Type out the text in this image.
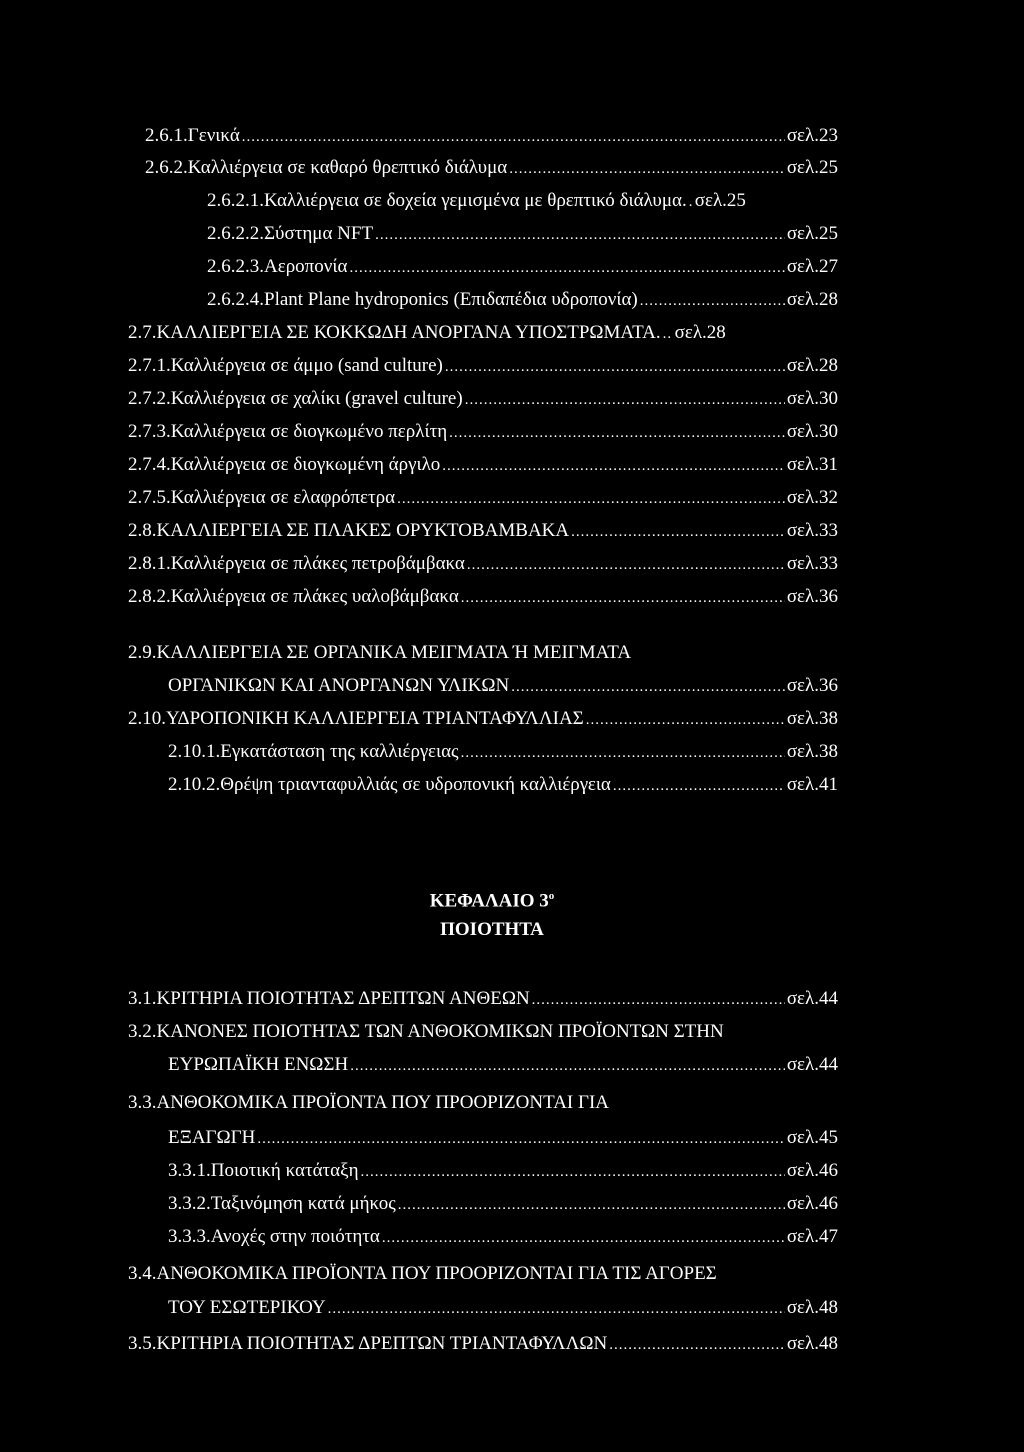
2.6.1.Γενικά .....	σελ.23
2.6.2.Καλλιέργεια σε καθαρό θρεπτικό διάλυμα .....	σελ.25
2.6.2.1.Καλλιέργεια σε δοχεία γεμισμένα με θρεπτικό διάλυμα. ..... σελ.25
2.6.2.2.Σύστημα NFT .....	σελ.25
2.6.2.3.Αεροπονία .....	σελ.27
2.6.2.4.Plant Plane hydroponics (Επιδαπέδια υδροπονία) .....	σελ.28
2.7.ΚΑΛΛΙΕΡΓΕΙΑ ΣΕ ΚΟΚΚΩΔΗ ΑΝΟΡΓΑΝΑ ΥΠΟΣΤΡΩΜΑΤΑ. ..... σελ.28
2.7.1.Καλλιέργεια σε άμμο (sand culture) .....	σελ.28
2.7.2.Καλλιέργεια σε χαλίκι (gravel culture) .....	σελ.30
2.7.3.Καλλιέργεια σε διογκωμένο περλίτη .....	σελ.30
2.7.4.Καλλιέργεια σε διογκωμένη άργιλο .....	σελ.31
2.7.5.Καλλιέργεια σε ελαφρόπετρα .....	σελ.32
2.8.ΚΑΛΛΙΕΡΓΕΙΑ ΣΕ ΠΛΑΚΕΣ ΟΡΥΚΤΟΒΑΜΒΑΚΑ .....	σελ.33
2.8.1.Καλλιέργεια σε πλάκες πετροβάμβακα .....	σελ.33
2.8.2.Καλλιέργεια σε πλάκες υαλοβάμβακα .....	σελ.36
2.9.ΚΑΛΛΙΕΡΓΕΙΑ ΣΕ ΟΡΓΑΝΙΚΑ ΜΕΙΓΜΑΤΑ Ή ΜΕΙΓΜΑΤΑ
ΟΡΓΑΝΙΚΩΝ ΚΑΙ ΑΝΟΡΓΑΝΩΝ ΥΛΙΚΩΝ .....	σελ.36
2.10.ΥΔΡΟΠΟΝΙΚΗ ΚΑΛΛΙΕΡΓΕΙΑ ΤΡΙΑΝΤΑΦΥΛΛΙΑΣ .....	σελ.38
2.10.1.Εγκατάσταση της καλλιέργειας .....	σελ.38
2.10.2.Θρέψη τριανταφυλλιάς σε υδροπονική καλλιέργεια .....	σελ.41
ΚΕΦΑΛΑΙΟ $3^o$
ΠΟΙΟΤΗΤΑ
3.1.ΚΡΙΤΗΡΙΑ ΠΟΙΟΤΗΤΑΣ ΔΡΕΠΤΩΝ ΑΝΘΕΩΝ .....	σελ.44
3.2.ΚΑΝΟΝΕΣ ΠΟΙΟΤΗΤΑΣ ΤΩΝ ΑΝΘΟΚΟΜΙΚΩΝ ΠΡΟΪΟΝΤΩΝ ΣΤΗΝ
ΕΥΡΩΠΑΪΚΗ ΕΝΩΣΗ .....	σελ.44
3.3.ΑΝΘΟΚΟΜΙΚΑ ΠΡΟΪΟΝΤΑ ΠΟΥ ΠΡΟΟΡΙΖΟΝΤΑΙ ΓΙΑ
ΕΞΑΓΩΓΗ .....	σελ.45
3.3.1.Ποιοτική κατάταξη .....	σελ.46
3.3.2.Ταξινόμηση κατά μήκος .....	σελ.46
3.3.3.Ανοχές στην ποιότητα .....	σελ.47
3.4.ΑΝΘΟΚΟΜΙΚΑ ΠΡΟΪΟΝΤΑ ΠΟΥ ΠΡΟΟΡΙΖΟΝΤΑΙ ΓΙΑ ΤΙΣ ΑΓΟΡΕΣ
ΤΟΥ ΕΣΩΤΕΡΙΚΟΥ .....	σελ.48
3.5.ΚΡΙΤΗΡΙΑ ΠΟΙΟΤΗΤΑΣ ΔΡΕΠΤΩΝ ΤΡΙΑΝΤΑΦΥΛΛΩΝ .....	σελ.48
